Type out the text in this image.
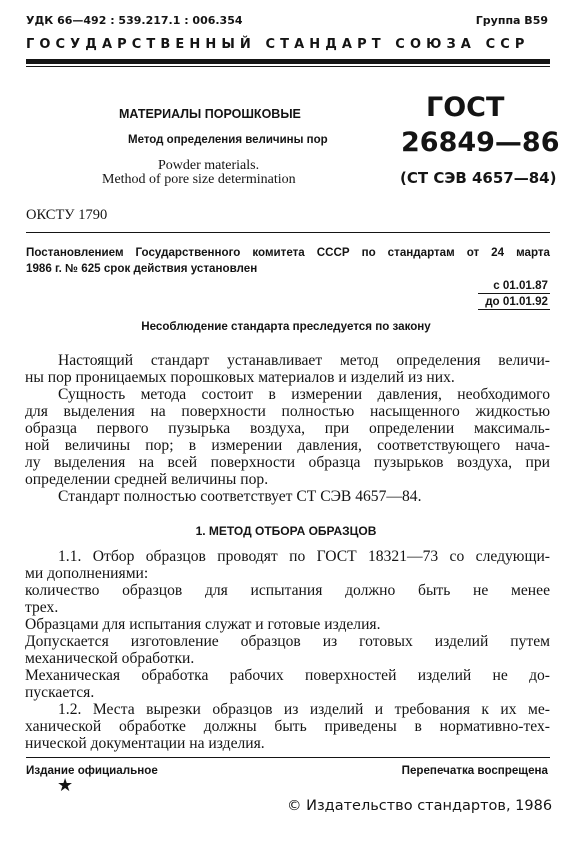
УДК 66—492 : 539.217.1 : 006.354	Группа В59
ГОСУДАРСТВЕННЫЙ СТАНДАРТ СОЮЗА ССР
МАТЕРИАЛЫ ПОРОШКОВЫЕ
Метод определения величины пор
Powder materials.
Method of pore size determination
ГОСТ
26849—86
(СТ СЭВ 4657—84)
ОКСТУ 1790
Постановлением Государственного комитета СССР по стандартам от 24 марта
1986 г. № 625 срок действия установлен
с 01.01.87
до 01.01.92
Несоблюдение стандарта преследуется по закону
Настоящий стандарт устанавливает метод определения величи-
ны пор проницаемых порошковых материалов и изделий из них.
Сущность метода состоит в измерении давления, необходимого
для выделения на поверхности полностью насыщенного жидкостью
образца первого пузырька воздуха, при определении максималь-
ной величины пор; в измерении давления, соответствующего нача-
лу выделения на всей поверхности образца пузырьков воздуха, при
определении средней величины пор.
Стандарт полностью соответствует СТ СЭВ 4657—84.
1. МЕТОД ОТБОРА ОБРАЗЦОВ
1.1. Отбор образцов проводят по ГОСТ 18321—73 со следующи-
ми дополнениями:
количество образцов для испытания должно быть не менее
трех.
Образцами для испытания служат и готовые изделия.
Допускается изготовление образцов из готовых изделий путем
механической обработки.
Механическая обработка рабочих поверхностей изделий не до-
пускается.
1.2. Места вырезки образцов из изделий и требования к их ме-
ханической обработке должны быть приведены в нормативно-тех-
нической документации на изделия.
Издание официальное
★
Перепечатка воспрещена
© Издательство стандартов, 1986
